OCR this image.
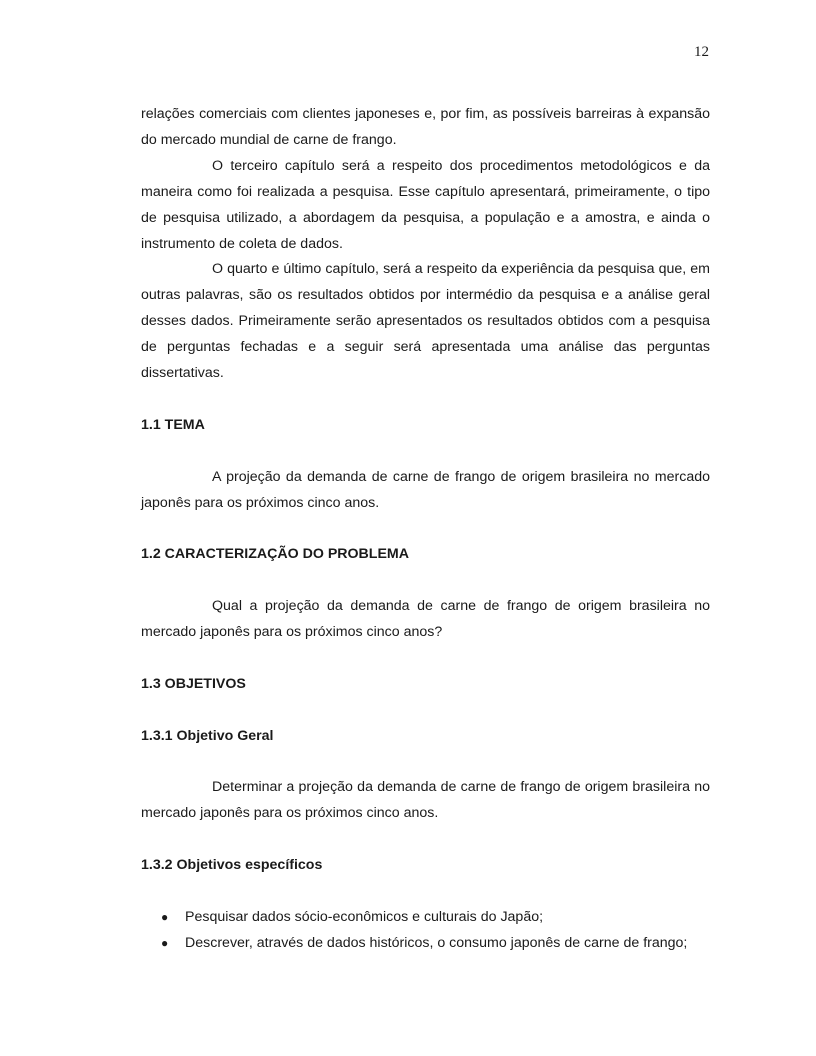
12

relações comerciais com clientes japoneses e, por fim, as possíveis barreiras à expansão do mercado mundial de carne de frango.

O terceiro capítulo será a respeito dos procedimentos metodológicos e da maneira como foi realizada a pesquisa. Esse capítulo apresentará, primeiramente, o tipo de pesquisa utilizado, a abordagem da pesquisa, a população e a amostra, e ainda o instrumento de coleta de dados.

O quarto e último capítulo, será a respeito da experiência da pesquisa que, em outras palavras, são os resultados obtidos por intermédio da pesquisa e a análise geral desses dados. Primeiramente serão apresentados os resultados obtidos com a pesquisa de perguntas fechadas e a seguir será apresentada uma análise das perguntas dissertativas.

1.1 TEMA

A projeção da demanda de carne de frango de origem brasileira no mercado japonês para os próximos cinco anos.

1.2 CARACTERIZAÇÃO DO PROBLEMA

Qual a projeção da demanda de carne de frango de origem brasileira no mercado japonês para os próximos cinco anos?

1.3 OBJETIVOS
1.3.1 Objetivo Geral

Determinar a projeção da demanda de carne de frango de origem brasileira no mercado japonês para os próximos cinco anos.

1.3.2 Objetivos específicos
● Pesquisar dados sócio-econômicos e culturais do Japão;
● Descrever, através de dados históricos, o consumo japonês de carne de frango;
